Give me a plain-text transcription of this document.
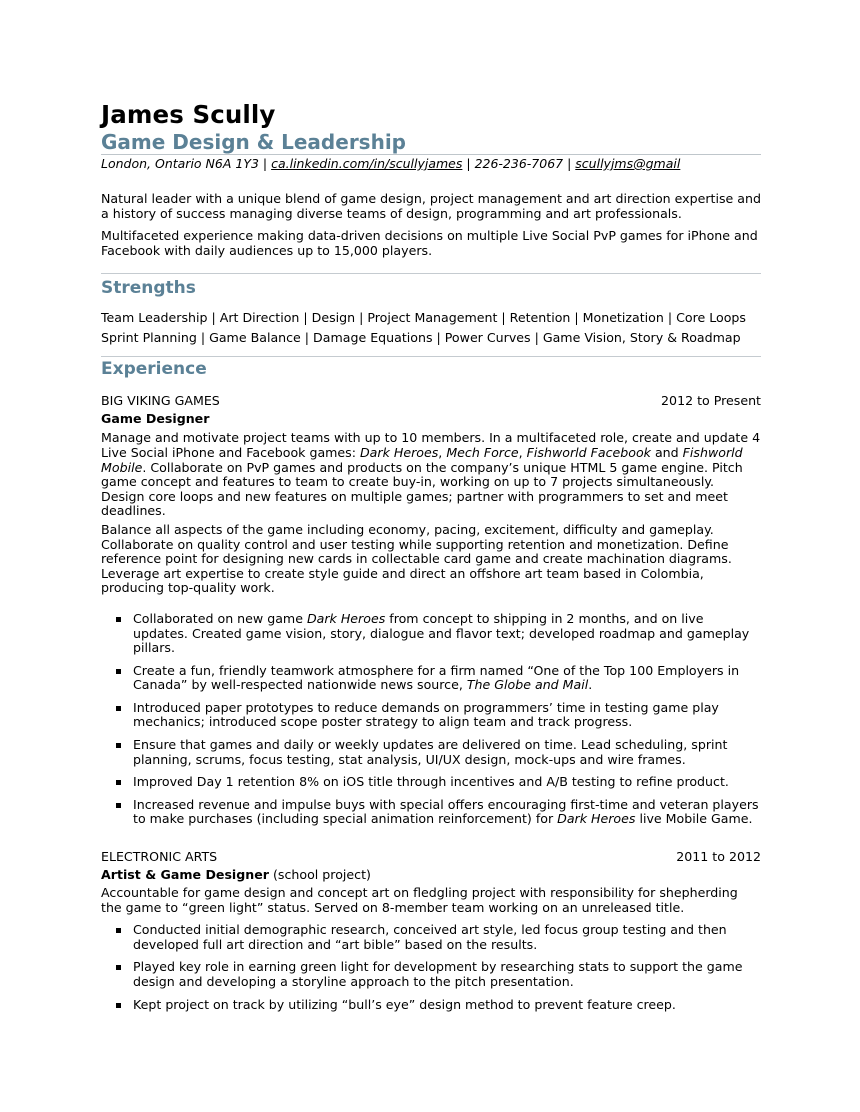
James Scully
Game Design & Leadership
London, Ontario N6A 1Y3 | ca.linkedin.com/in/scullyjames | 226-236-7067 | scullyjms@gmail

Natural leader with a unique blend of game design, project management and art direction expertise and a history of success managing diverse teams of design, programming and art professionals.

Multifaceted experience making data-driven decisions on multiple Live Social PvP games for iPhone and Facebook with daily audiences up to 15,000 players.

Strengths
Team Leadership | Art Direction | Design | Project Management | Retention | Monetization | Core Loops
Sprint Planning | Game Balance | Damage Equations | Power Curves | Game Vision, Story & Roadmap
Experience
BIG VIKING GAMES	2012 to Present
Game Designer

Manage and motivate project teams with up to 10 members. In a multifaceted role, create and update 4 Live Social iPhone and Facebook games: Dark Heroes, Mech Force, Fishworld Facebook and Fishworld Mobile. Collaborate on PvP games and products on the company’s unique HTML 5 game engine. Pitch game concept and features to team to create buy-in, working on up to 7 projects simultaneously. Design core loops and new features on multiple games; partner with programmers to set and meet deadlines.

Balance all aspects of the game including economy, pacing, excitement, difficulty and gameplay. Collaborate on quality control and user testing while supporting retention and monetization. Define reference point for designing new cards in collectable card game and create machination diagrams. Leverage art expertise to create style guide and direct an offshore art team based in Colombia, producing top-quality work.

Collaborated on new game Dark Heroes from concept to shipping in 2 months, and on live updates. Created game vision, story, dialogue and flavor text; developed roadmap and gameplay pillars.
Create a fun, friendly teamwork atmosphere for a firm named “One of the Top 100 Employers in Canada” by well-respected nationwide news source, The Globe and Mail.
Introduced paper prototypes to reduce demands on programmers’ time in testing game play mechanics; introduced scope poster strategy to align team and track progress.
Ensure that games and daily or weekly updates are delivered on time. Lead scheduling, sprint planning, scrums, focus testing, stat analysis, UI/UX design, mock-ups and wire frames.
Improved Day 1 retention 8% on iOS title through incentives and A/B testing to refine product.
Increased revenue and impulse buys with special offers encouraging first-time and veteran players to make purchases (including special animation reinforcement) for Dark Heroes live Mobile Game.
ELECTRONIC ARTS	2011 to 2012
Artist & Game Designer (school project)

Accountable for game design and concept art on fledgling project with responsibility for shepherding the game to “green light” status. Served on 8-member team working on an unreleased title.

Conducted initial demographic research, conceived art style, led focus group testing and then developed full art direction and “art bible” based on the results.
Played key role in earning green light for development by researching stats to support the game design and developing a storyline approach to the pitch presentation.
Kept project on track by utilizing “bull’s eye” design method to prevent feature creep.
